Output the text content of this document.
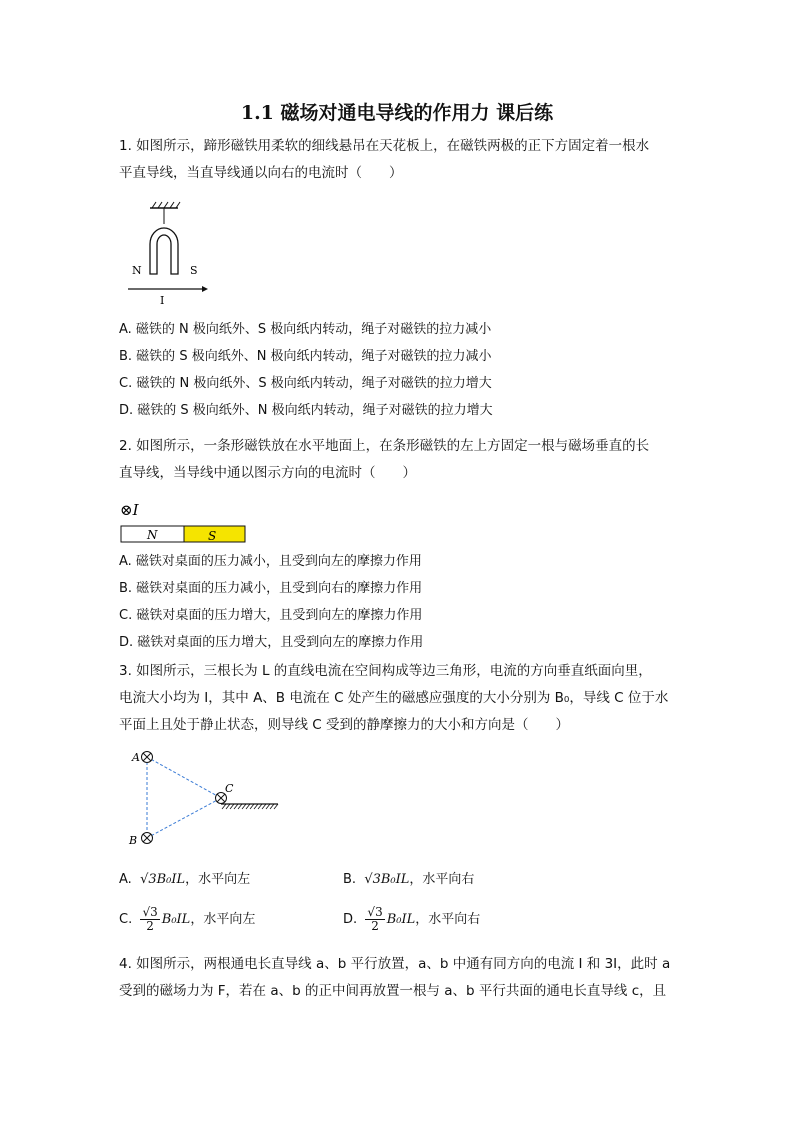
1.1 磁场对通电导线的作用力 课后练
1. 如图所示，蹄形磁铁用柔软的细线悬吊在天花板上，在磁铁两极的正下方固定着一根水
平直导线，当直导线通以向右的电流时（　　）
N	S
I
A. 磁铁的 N 极向纸外、S 极向纸内转动，绳子对磁铁的拉力减小
B. 磁铁的 S 极向纸外、N 极向纸内转动，绳子对磁铁的拉力减小
C. 磁铁的 N 极向纸外、S 极向纸内转动，绳子对磁铁的拉力增大
D. 磁铁的 S 极向纸外、N 极向纸内转动，绳子对磁铁的拉力增大
2. 如图所示，一条形磁铁放在水平地面上，在条形磁铁的左上方固定一根与磁场垂直的长
直导线，当导线中通以图示方向的电流时（　　）
⊗I
N	S
A. 磁铁对桌面的压力减小，且受到向左的摩擦力作用
B. 磁铁对桌面的压力减小，且受到向右的摩擦力作用
C. 磁铁对桌面的压力增大，且受到向左的摩擦力作用
D. 磁铁对桌面的压力增大，且受到向左的摩擦力作用
3. 如图所示，三根长为 L 的直线电流在空间构成等边三角形，电流的方向垂直纸面向里，
电流大小均为 I，其中 A、B 电流在 C 处产生的磁感应强度的大小分别为 B₀，导线 C 位于水
平面上且处于静止状态，则导线 C 受到的静摩擦力的大小和方向是（　　）
A
B
C
A. √3B₀IL，水平向左	B. √3B₀IL，水平向右
C. $\frac{√3}{2} B_0IL$，水平向左	D. $\frac{√3}{2} B_0IL$，水平向右
4. 如图所示，两根通电长直导线 a、b 平行放置，a、b 中通有同方向的电流 I 和 3I，此时 a
受到的磁场力为 F，若在 a、b 的正中间再放置一根与 a、b 平行共面的通电长直导线 c，且
